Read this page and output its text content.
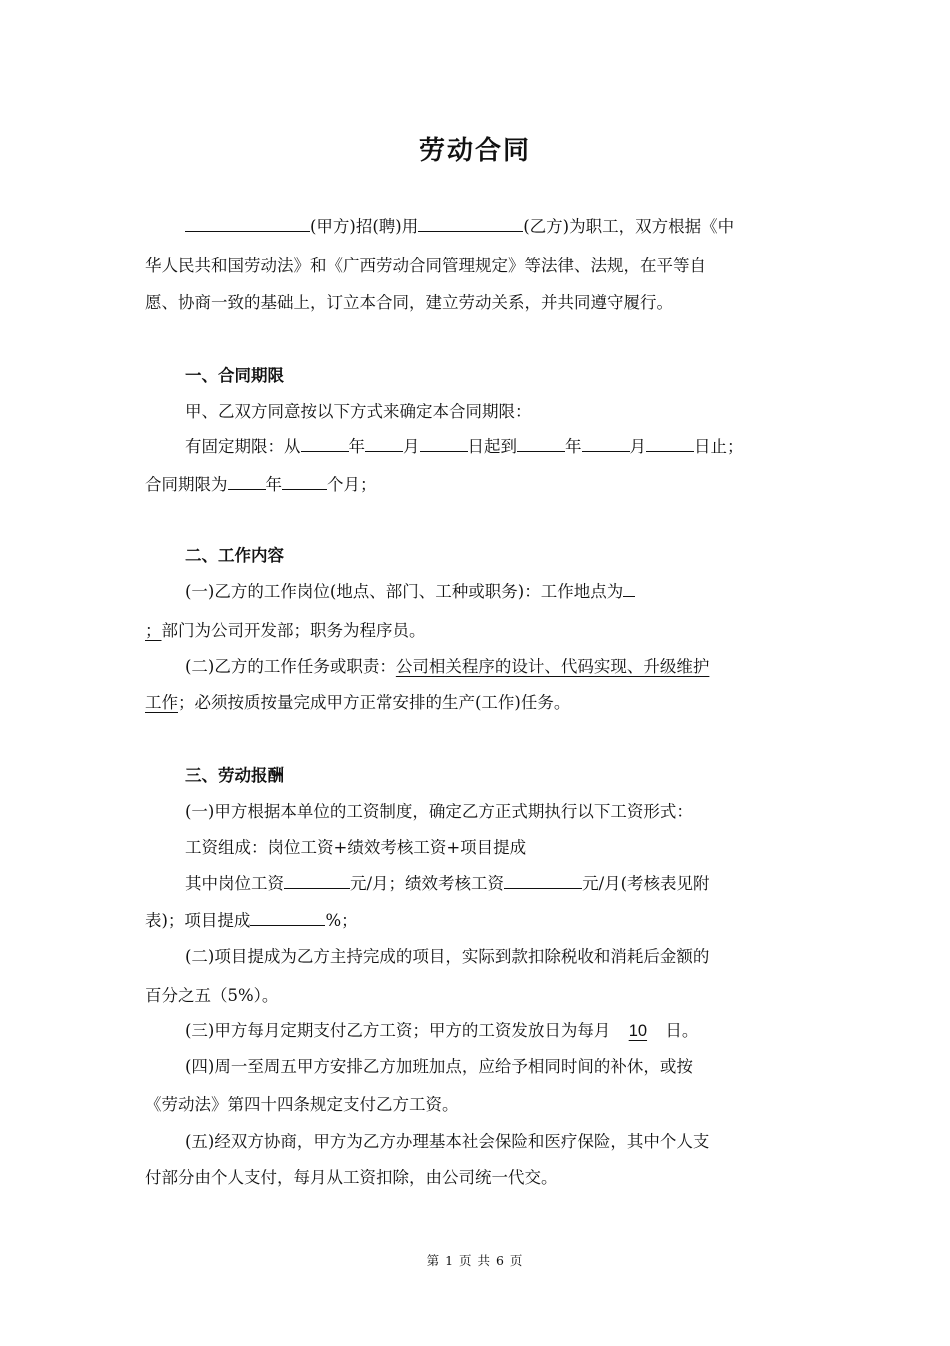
劳动合同
(甲方)招(聘)用	(乙方)为职工，双方根据《中
华人民共和国劳动法》和《广西劳动合同管理规定》等法律、法规，在平等自
愿、协商一致的基础上，订立本合同，建立劳动关系，并共同遵守履行。
一、合同期限
甲、乙双方同意按以下方式来确定本合同期限：
有固定期限：从	年 月	日起到	年	月	日止；
合同期限为 年	个月；
二、工作内容
(一)乙方的工作岗位(地点、部门、工种或职务)：工作地点为
；部门为公司开发部；职务为程序员。
(二)乙方的工作任务或职责：公司相关程序的设计、代码实现、升级维护
工作；必须按质按量完成甲方正常安排的生产(工作)任务。
三、劳动报酬
(一)甲方根据本单位的工资制度，确定乙方正式期执行以下工资形式：
工资组成：岗位工资+绩效考核工资+项目提成
其中岗位工资	元/月；绩效考核工资	元/月(考核表见附
表)；项目提成	%；
(二)项目提成为乙方主持完成的项目，实际到款扣除税收和消耗后金额的
百分之五（5%）。
(三)甲方每月定期支付乙方工资；甲方的工资发放日为每月 10 日。
(四)周一至周五甲方安排乙方加班加点，应给予相同时间的补休，或按
《劳动法》第四十四条规定支付乙方工资。
(五)经双方协商，甲方为乙方办理基本社会保险和医疗保险，其中个人支
付部分由个人支付，每月从工资扣除，由公司统一代交。
第 1 页 共 6 页
